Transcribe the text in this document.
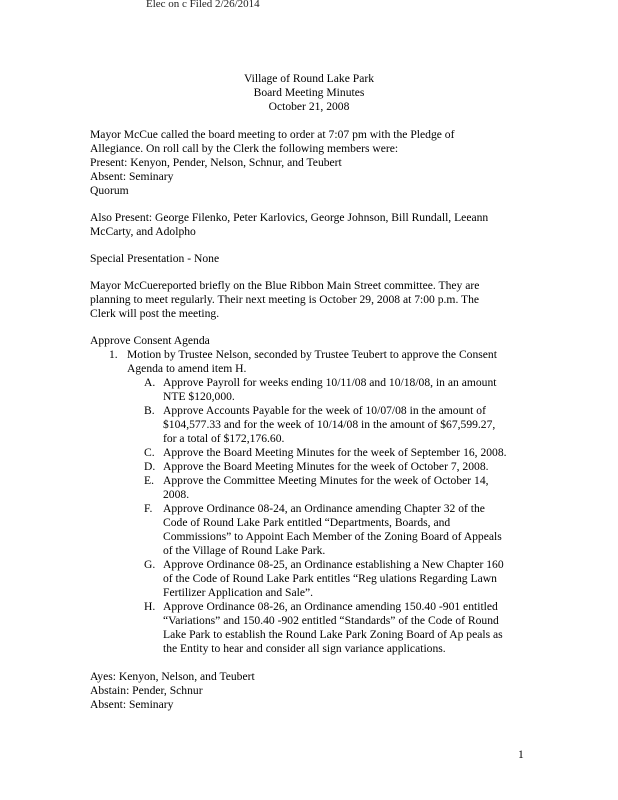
Elec on c Filed 2/26/2014
Village of Round Lake Park
Board Meeting Minutes
October 21, 2008
Mayor McCue called the board meeting to order at 7:07 pm with the Pledge of
Allegiance. On roll call by the Clerk the following members were:
Present: Kenyon, Pender, Nelson, Schnur, and Teubert
Absent: Seminary
Quorum
Also Present: George Filenko, Peter Karlovics, George Johnson, Bill Rundall, Leeann
McCarty, and Adolpho
Special Presentation - None
Mayor McCuereported briefly on the Blue Ribbon Main Street committee. They are
planning to meet regularly. Their next meeting is October 29, 2008 at 7:00 p.m. The
Clerk will post the meeting.
Approve Consent Agenda
1. Motion by Trustee Nelson, seconded by Trustee Teubert to approve the Consent
Agenda to amend item H.
A. Approve Payroll for weeks ending 10/11/08 and 10/18/08, in an amount
NTE $120,000.
B. Approve Accounts Payable for the week of 10/07/08 in the amount of
$104,577.33 and for the week of 10/14/08 in the amount of $67,599.27,
for a total of $172,176.60.
C. Approve the Board Meeting Minutes for the week of September 16, 2008.
D. Approve the Board Meeting Minutes for the week of October 7, 2008.
E. Approve the Committee Meeting Minutes for the week of October 14,
2008.
F. Approve Ordinance 08-24, an Ordinance amending Chapter 32 of the
Code of Round Lake Park entitled “Departments, Boards, and
Commissions” to Appoint Each Member of the Zoning Board of Appeals
of the Village of Round Lake Park.
G. Approve Ordinance 08-25, an Ordinance establishing a New Chapter 160
of the Code of Round Lake Park entitles “Reg ulations Regarding Lawn
Fertilizer Application and Sale”.
H. Approve Ordinance 08-26, an Ordinance amending 150.40 -901 entitled
“Variations” and 150.40 -902 entitled “Standards” of the Code of Round
Lake Park to establish the Round Lake Park Zoning Board of Ap peals as
the Entity to hear and consider all sign variance applications.
Ayes: Kenyon, Nelson, and Teubert
Abstain: Pender, Schnur
Absent: Seminary
1
